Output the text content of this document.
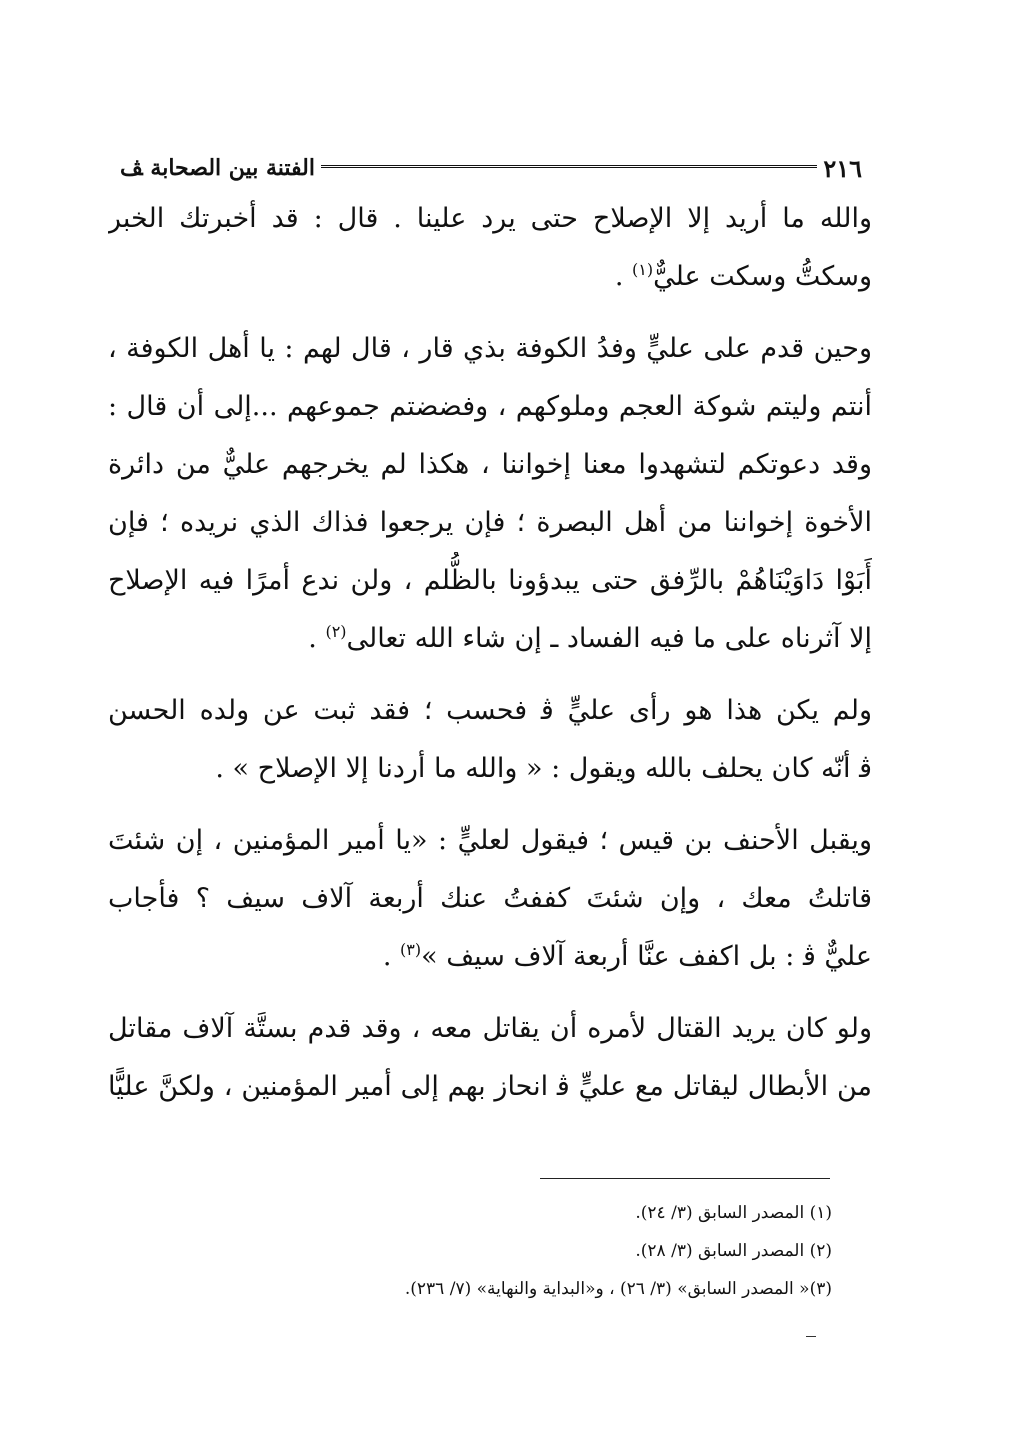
٢١٦
الفتنة بين الصحابة ﭫ
والله ما أريد إلا الإصلاح حتى يرد علينا . قال : قد أخبرتك الخبر
وسكتُّ وسكت عليٌّ$^{(١)}$ .
وحين قدم على عليٍّ وفدُ الكوفة بذي قار ، قال لهم : يا أهل الكوفة ،
أنتم وليتم شوكة العجم وملوكهم ، وفضضتم جموعهم ...إلى أن قال :
وقد دعوتكم لتشهدوا معنا إخواننا ، هكذا لم يخرجهم عليٌّ من دائرة
الأخوة إخواننا من أهل البصرة ؛ فإن يرجعوا فذاك الذي نريده ؛ فإن
أَبَوْا دَاوَيْنَاهُمْ بالرِّفق حتى يبدؤونا بالظُّلم ، ولن ندع أمرًا فيه الإصلاح
إلا آثرناه على ما فيه الفساد ـ إن شاء الله تعالى$^{(٢)}$ .
ولم يكن هذا هو رأى عليٍّ ﭬ فحسب ؛ فقد ثبت عن ولده الحسن
ﭬ أنّه كان يحلف بالله ويقول : « والله ما أردنا إلا الإصلاح » .
ويقبل الأحنف بن قيس ؛ فيقول لعليٍّ : «يا أمير المؤمنين ، إن شئتَ
قاتلتُ معك ، وإن شئتَ كففتُ عنك أربعة آلاف سيف ؟ فأجاب
عليٌّ ﭬ : بل اكفف عنَّا أربعة آلاف سيف »$^{(٣)}$ .
ولو كان يريد القتال لأمره أن يقاتل معه ، وقد قدم بستَّة آلاف مقاتل
من الأبطال ليقاتل مع عليٍّ ﭬ انحاز بهم إلى أمير المؤمنين ، ولكنَّ عليًّا
(١) المصدر السابق (٣/ ٢٤).
(٢) المصدر السابق (٣/ ٢٨).
(٣)« المصدر السابق» (٣/ ٢٦) ، و«البداية والنهاية» (٧/ ٢٣٦).
